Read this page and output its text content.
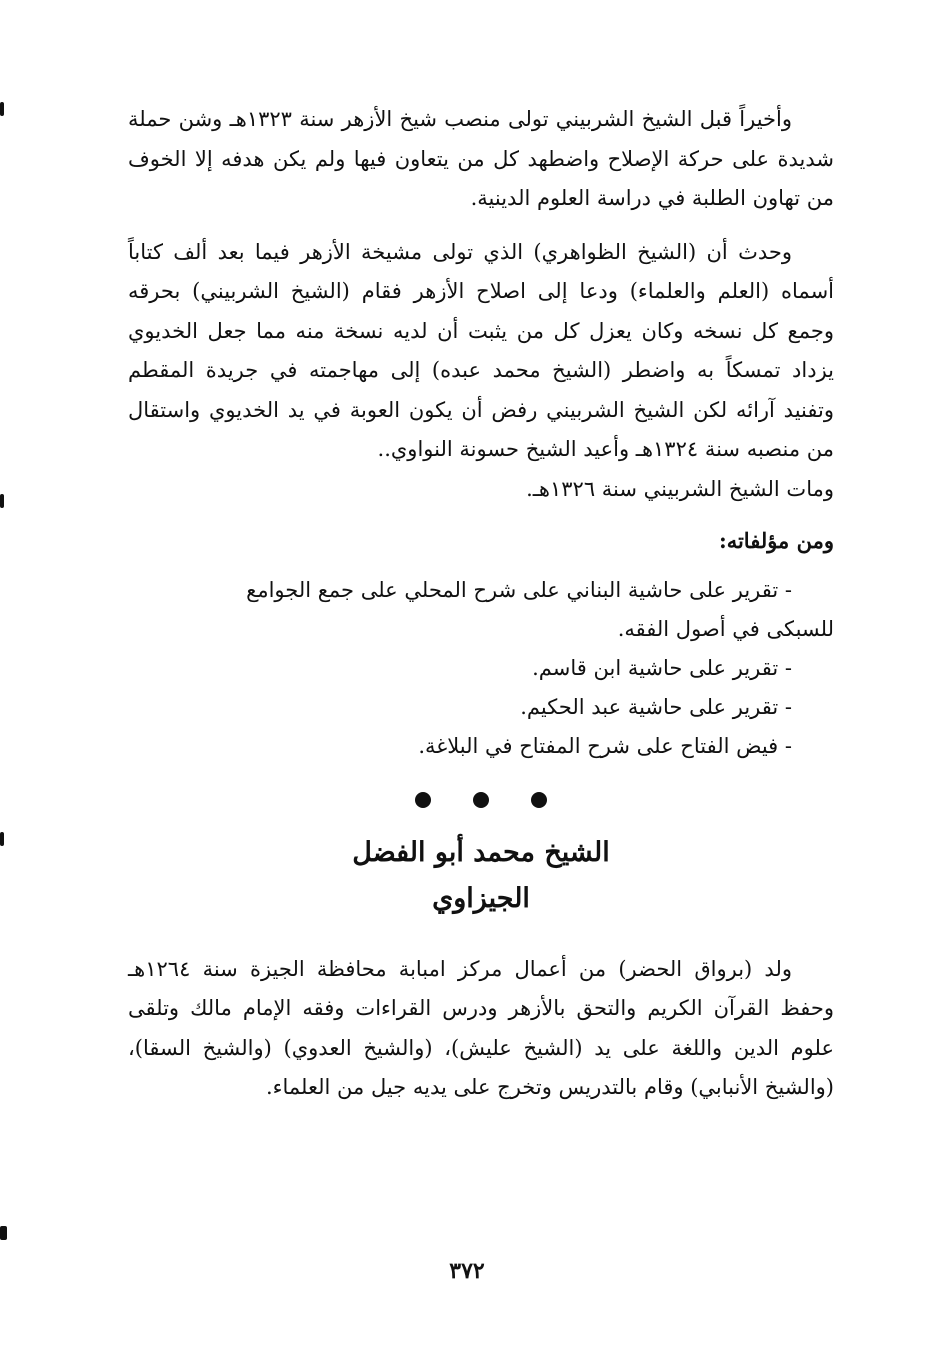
وأخيراً قبل الشيخ الشربيني تولى منصب شيخ الأزهر سنة ١٣٢٣هـ وشن حملة شديدة على حركة الإصلاح واضطهد كل من يتعاون فيها ولم يكن هدفه إلا الخوف من تهاون الطلبة في دراسة العلوم الدينية.

وحدث أن (الشيخ الظواهري) الذي تولى مشيخة الأزهر فيما بعد ألف كتاباً أسماه (العلم والعلماء) ودعا إلى اصلاح الأزهر فقام (الشيخ الشربيني) بحرقه وجمع كل نسخه وكان يعزل كل من يثبت أن لديه نسخة منه مما جعل الخديوي يزداد تمسكاً به واضطر (الشيخ محمد عبده) إلى مهاجمته في جريدة المقطم وتفنيد آرائه لكن الشيخ الشربيني رفض أن يكون العوبة في يد الخديوي واستقال من منصبه سنة ١٣٢٤هـ وأعيد الشيخ حسونة النواوي..

ومات الشيخ الشربيني سنة ١٣٢٦هـ.

ومن مؤلفاته:

- تقرير على حاشية البناني على شرح المحلي على جمع الجوامع
للسبكى في أصول الفقه.
- تقرير على حاشية ابن قاسم.
- تقرير على حاشية عبد الحكيم.
- فيض الفتاح على شرح المفتاح في البلاغة.
الشيخ محمد أبو الفضل
الجيزاوي

ولد (برواق الحضر) من أعمال مركز امبابة محافظة الجيزة سنة ١٢٦٤هـ وحفظ القرآن الكريم والتحق بالأزهر ودرس القراءات وفقه الإمام مالك وتلقى علوم الدين واللغة على يد (الشيخ عليش)، (والشيخ العدوي) (والشيخ السقا)، (والشيخ الأنبابي) وقام بالتدريس وتخرج على يديه جيل من العلماء.

٣٧٢
